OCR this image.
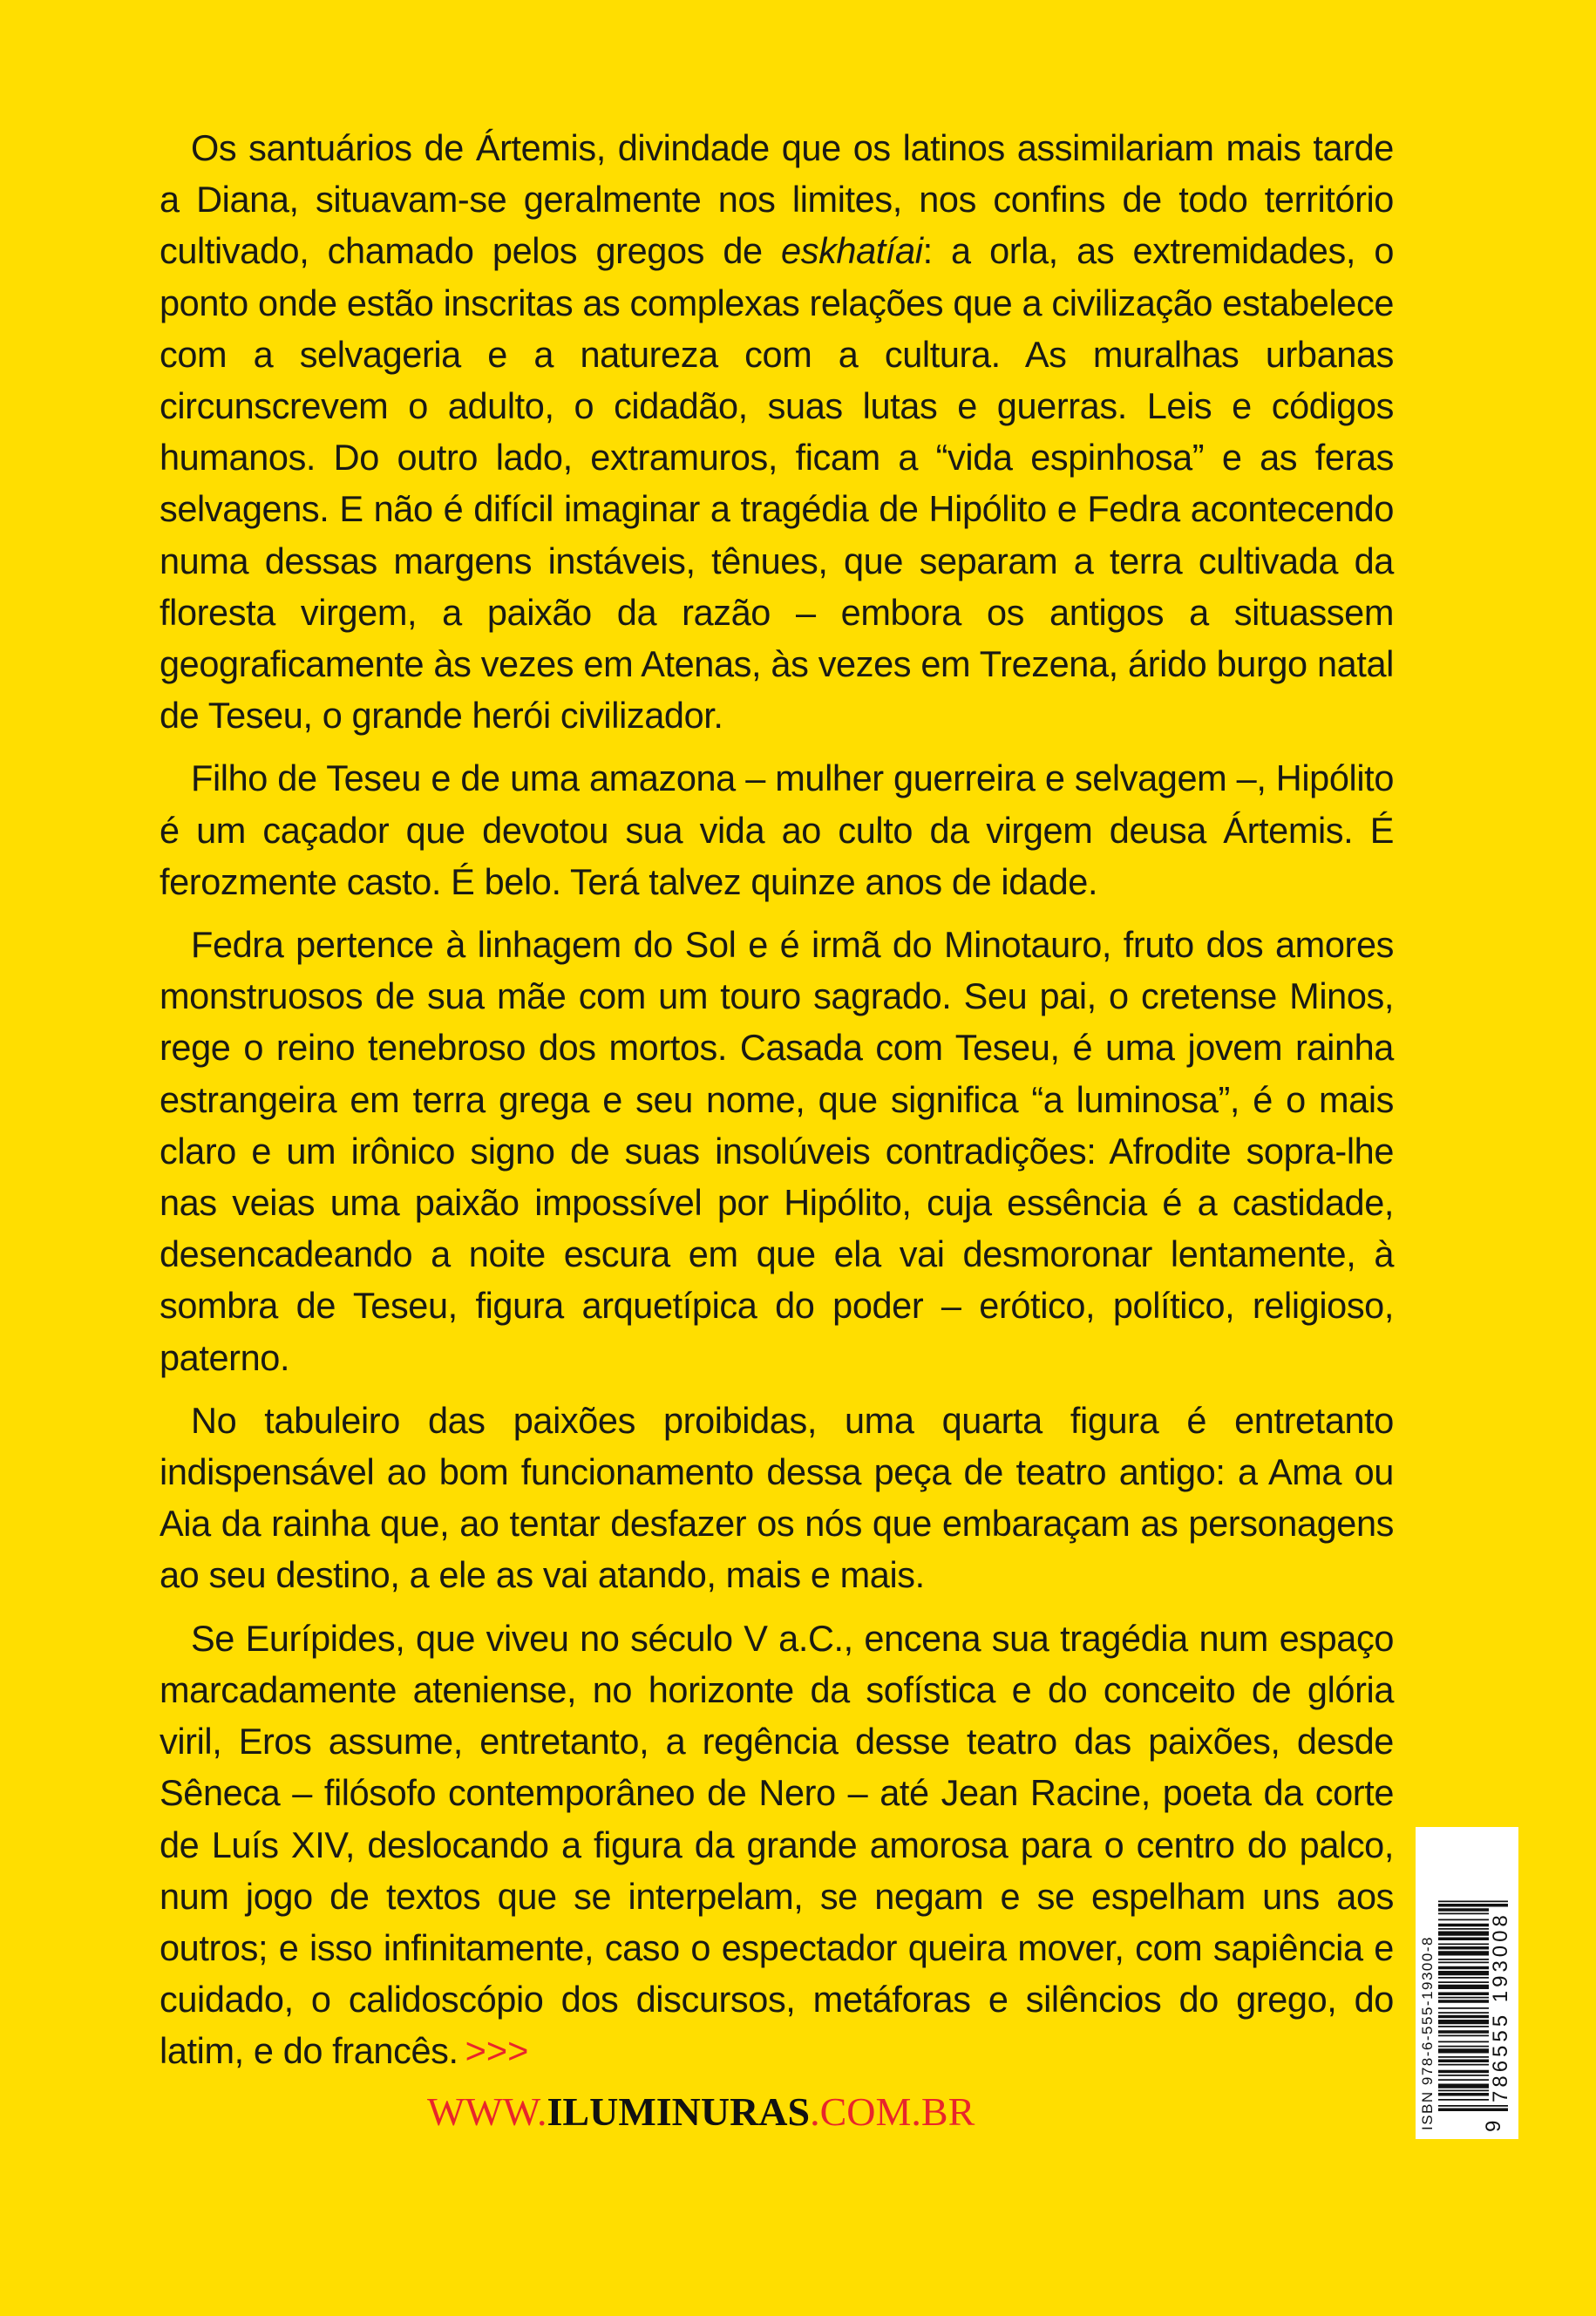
Os santuários de Ártemis, divindade que os latinos assimilariam mais tarde a Diana, situavam-se geralmente nos limites, nos confins de todo território cultivado, chamado pelos gregos de eskhatíai: a orla, as extremidades, o ponto onde estão inscritas as complexas relações que a civilização estabelece com a selvageria e a natureza com a cultura. As muralhas urbanas circunscrevem o adulto, o cidadão, suas lutas e guerras. Leis e códigos humanos. Do outro lado, extramuros, ficam a “vida espinhosa” e as feras selvagens. E não é difícil imaginar a tragédia de Hipólito e Fedra acontecendo numa dessas margens instáveis, tênues, que separam a terra cultivada da floresta virgem, a paixão da razão – embora os antigos a situassem geograficamente às vezes em Atenas, às vezes em Trezena, árido burgo natal de Teseu, o grande herói civilizador.

Filho de Teseu e de uma amazona – mulher guerreira e selvagem –, Hipólito é um caçador que devotou sua vida ao culto da virgem deusa Ártemis. É ferozmente casto. É belo. Terá talvez quinze anos de idade.

Fedra pertence à linhagem do Sol e é irmã do Minotauro, fruto dos amores monstruosos de sua mãe com um touro sagrado. Seu pai, o cretense Minos, rege o reino tenebroso dos mortos. Casada com Teseu, é uma jovem rainha estrangeira em terra grega e seu nome, que significa “a luminosa”, é o mais claro e um irônico signo de suas insolúveis contradições: Afrodite sopra-lhe nas veias uma paixão impossível por Hipólito, cuja essência é a castidade, desencadeando a noite escura em que ela vai desmoronar lentamente, à sombra de Teseu, figura arquetípica do poder – erótico, político, religioso, paterno.

No tabuleiro das paixões proibidas, uma quarta figura é entretanto indispensável ao bom funcionamento dessa peça de teatro antigo: a Ama ou Aia da rainha que, ao tentar desfazer os nós que embaraçam as personagens ao seu destino, a ele as vai atando, mais e mais.

Se Eurípides, que viveu no século V a.C., encena sua tragédia num espaço marcadamente ateniense, no horizonte da sofística e do conceito de glória viril, Eros assume, entretanto, a regência desse teatro das paixões, desde Sêneca – filósofo contemporâneo de Nero – até Jean Racine, poeta da corte de Luís XIV, deslocando a figura da grande amorosa para o centro do palco, num jogo de textos que se interpelam, se negam e se espelham uns aos outros; e isso infinitamente, caso o espectador queira mover, com sapiência e cuidado, o calidoscópio dos discursos, metáforas e silêncios do grego, do latim, e do francês. >>>

WWW.ILUMINURAS.COM.BR	ISBN 978-6-555-19300-8 9
786555 193008
